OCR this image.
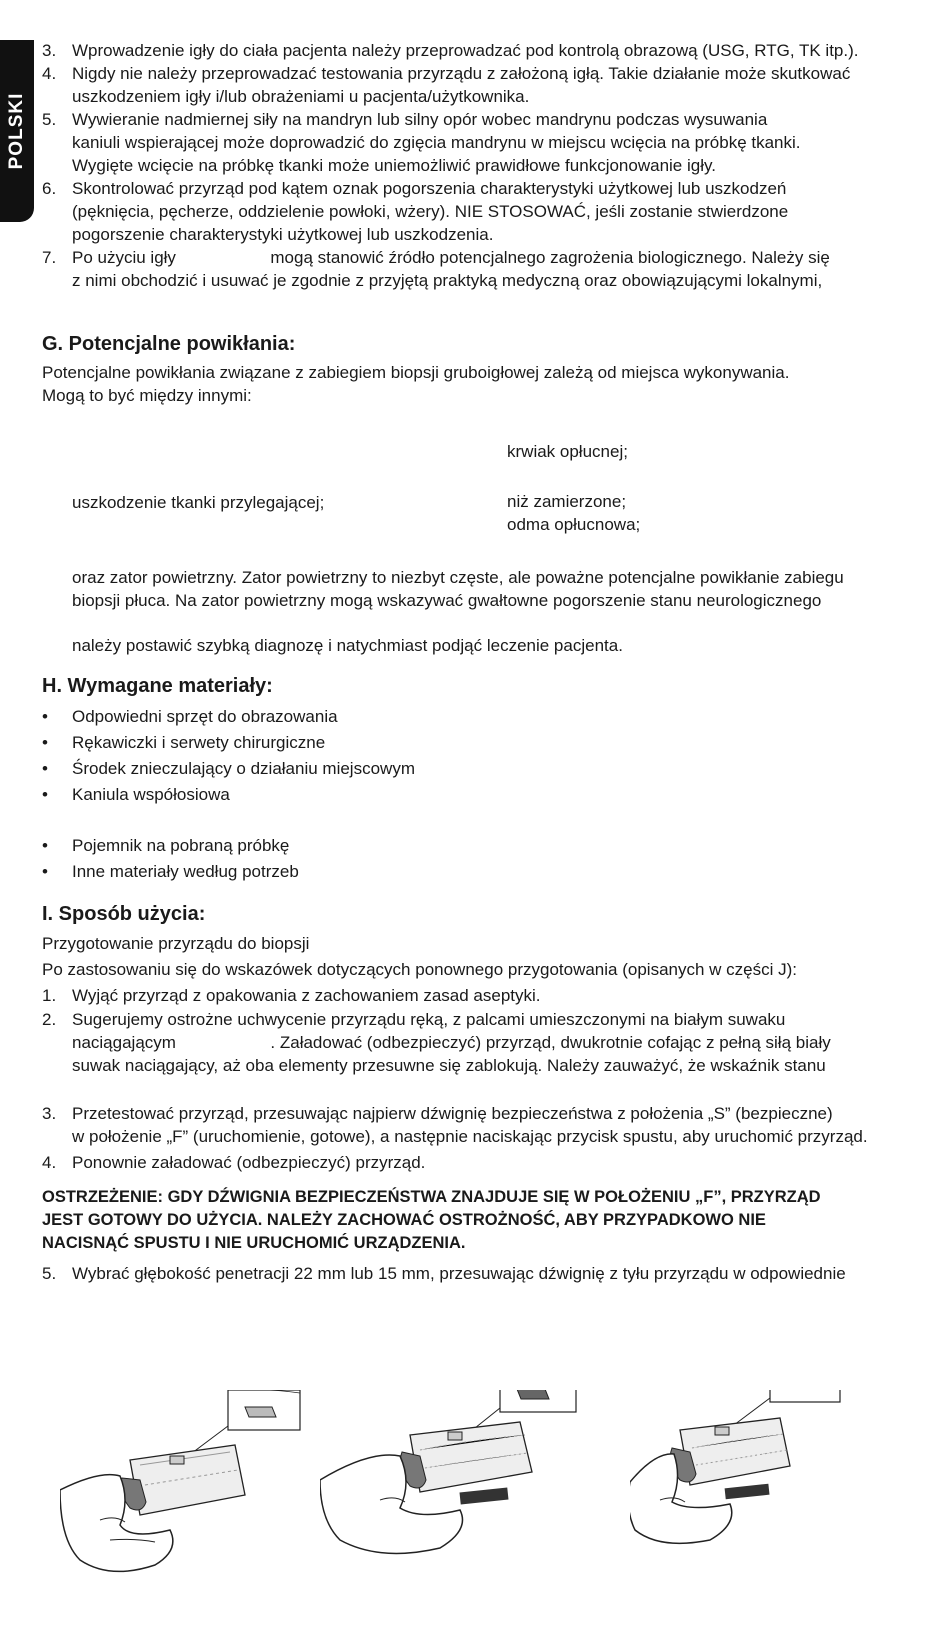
POLSKI
3. Wprowadzenie igły do ciała pacjenta należy przeprowadzać pod kontrolą obrazową (USG, RTG, TK itp.).
4. Nigdy nie należy przeprowadzać testowania przyrządu z założoną igłą. Takie działanie może skutkować
uszkodzeniem igły i/lub obrażeniami u pacjenta/użytkownika.
5. Wywieranie nadmiernej siły na mandryn lub silny opór wobec mandrynu podczas wysuwania
kaniuli wspierającej może doprowadzić do zgięcia mandrynu w miejscu wcięcia na próbkę tkanki.
Wygięte wcięcie na próbkę tkanki może uniemożliwić prawidłowe funkcjonowanie igły.
6. Skontrolować przyrząd pod kątem oznak pogorszenia charakterystyki użytkowej lub uszkodzeń
(pęknięcia, pęcherze, oddzielenie powłoki, wżery). NIE STOSOWAĆ, jeśli zostanie stwierdzone
pogorszenie charakterystyki użytkowej lub uszkodzenia.
7. Po użyciu igły                    mogą stanowić źródło potencjalnego zagrożenia biologicznego. Należy się
z nimi obchodzić i usuwać je zgodnie z przyjętą praktyką medyczną oraz obowiązującymi lokalnymi,
G. Potencjalne powikłania:
Potencjalne powikłania związane z zabiegiem biopsji gruboigłowej zależą od miejsca wykonywania.
Mogą to być między innymi:
krwiak opłucnej;
uszkodzenie tkanki przylegającej;	niż zamierzone;
odma opłucnowa;
oraz zator powietrzny. Zator powietrzny to niezbyt częste, ale poważne potencjalne powikłanie zabiegu
biopsji płuca. Na zator powietrzny mogą wskazywać gwałtowne pogorszenie stanu neurologicznego
należy postawić szybką diagnozę i natychmiast podjąć leczenie pacjenta.
H. Wymagane materiały:
• Odpowiedni sprzęt do obrazowania
• Rękawiczki i serwety chirurgiczne
• Środek znieczulający o działaniu miejscowym
• Kaniula współosiowa
• Pojemnik na pobraną próbkę
• Inne materiały według potrzeb
I. Sposób użycia:
Przygotowanie przyrządu do biopsji
Po zastosowaniu się do wskazówek dotyczących ponownego przygotowania (opisanych w części J):
1. Wyjąć przyrząd z opakowania z zachowaniem zasad aseptyki.
2. Sugerujemy ostrożne uchwycenie przyrządu ręką, z palcami umieszczonymi na białym suwaku
naciągającym                    . Załadować (odbezpieczyć) przyrząd, dwukrotnie cofając z pełną siłą biały
suwak naciągający, aż oba elementy przesuwne się zablokują. Należy zauważyć, że wskaźnik stanu
3. Przetestować przyrząd, przesuwając najpierw dźwignię bezpieczeństwa z położenia „S” (bezpieczne)
w położenie „F” (uruchomienie, gotowe), a następnie naciskając przycisk spustu, aby uruchomić przyrząd.
4. Ponownie załadować (odbezpieczyć) przyrząd.
OSTRZEŻENIE: GDY DŹWIGNIA BEZPIECZEŃSTWA ZNAJDUJE SIĘ W POŁOŻENIU „F”, PRZYRZĄD
JEST GOTOWY DO UŻYCIA. NALEŻY ZACHOWAĆ OSTROŻNOŚĆ, ABY PRZYPADKOWO NIE
NACISNĄĆ SPUSTU I NIE URUCHOMIĆ URZĄDZENIA.
5. Wybrać głębokość penetracji 22 mm lub 15 mm, przesuwając dźwignię z tyłu przyrządu w odpowiednie
